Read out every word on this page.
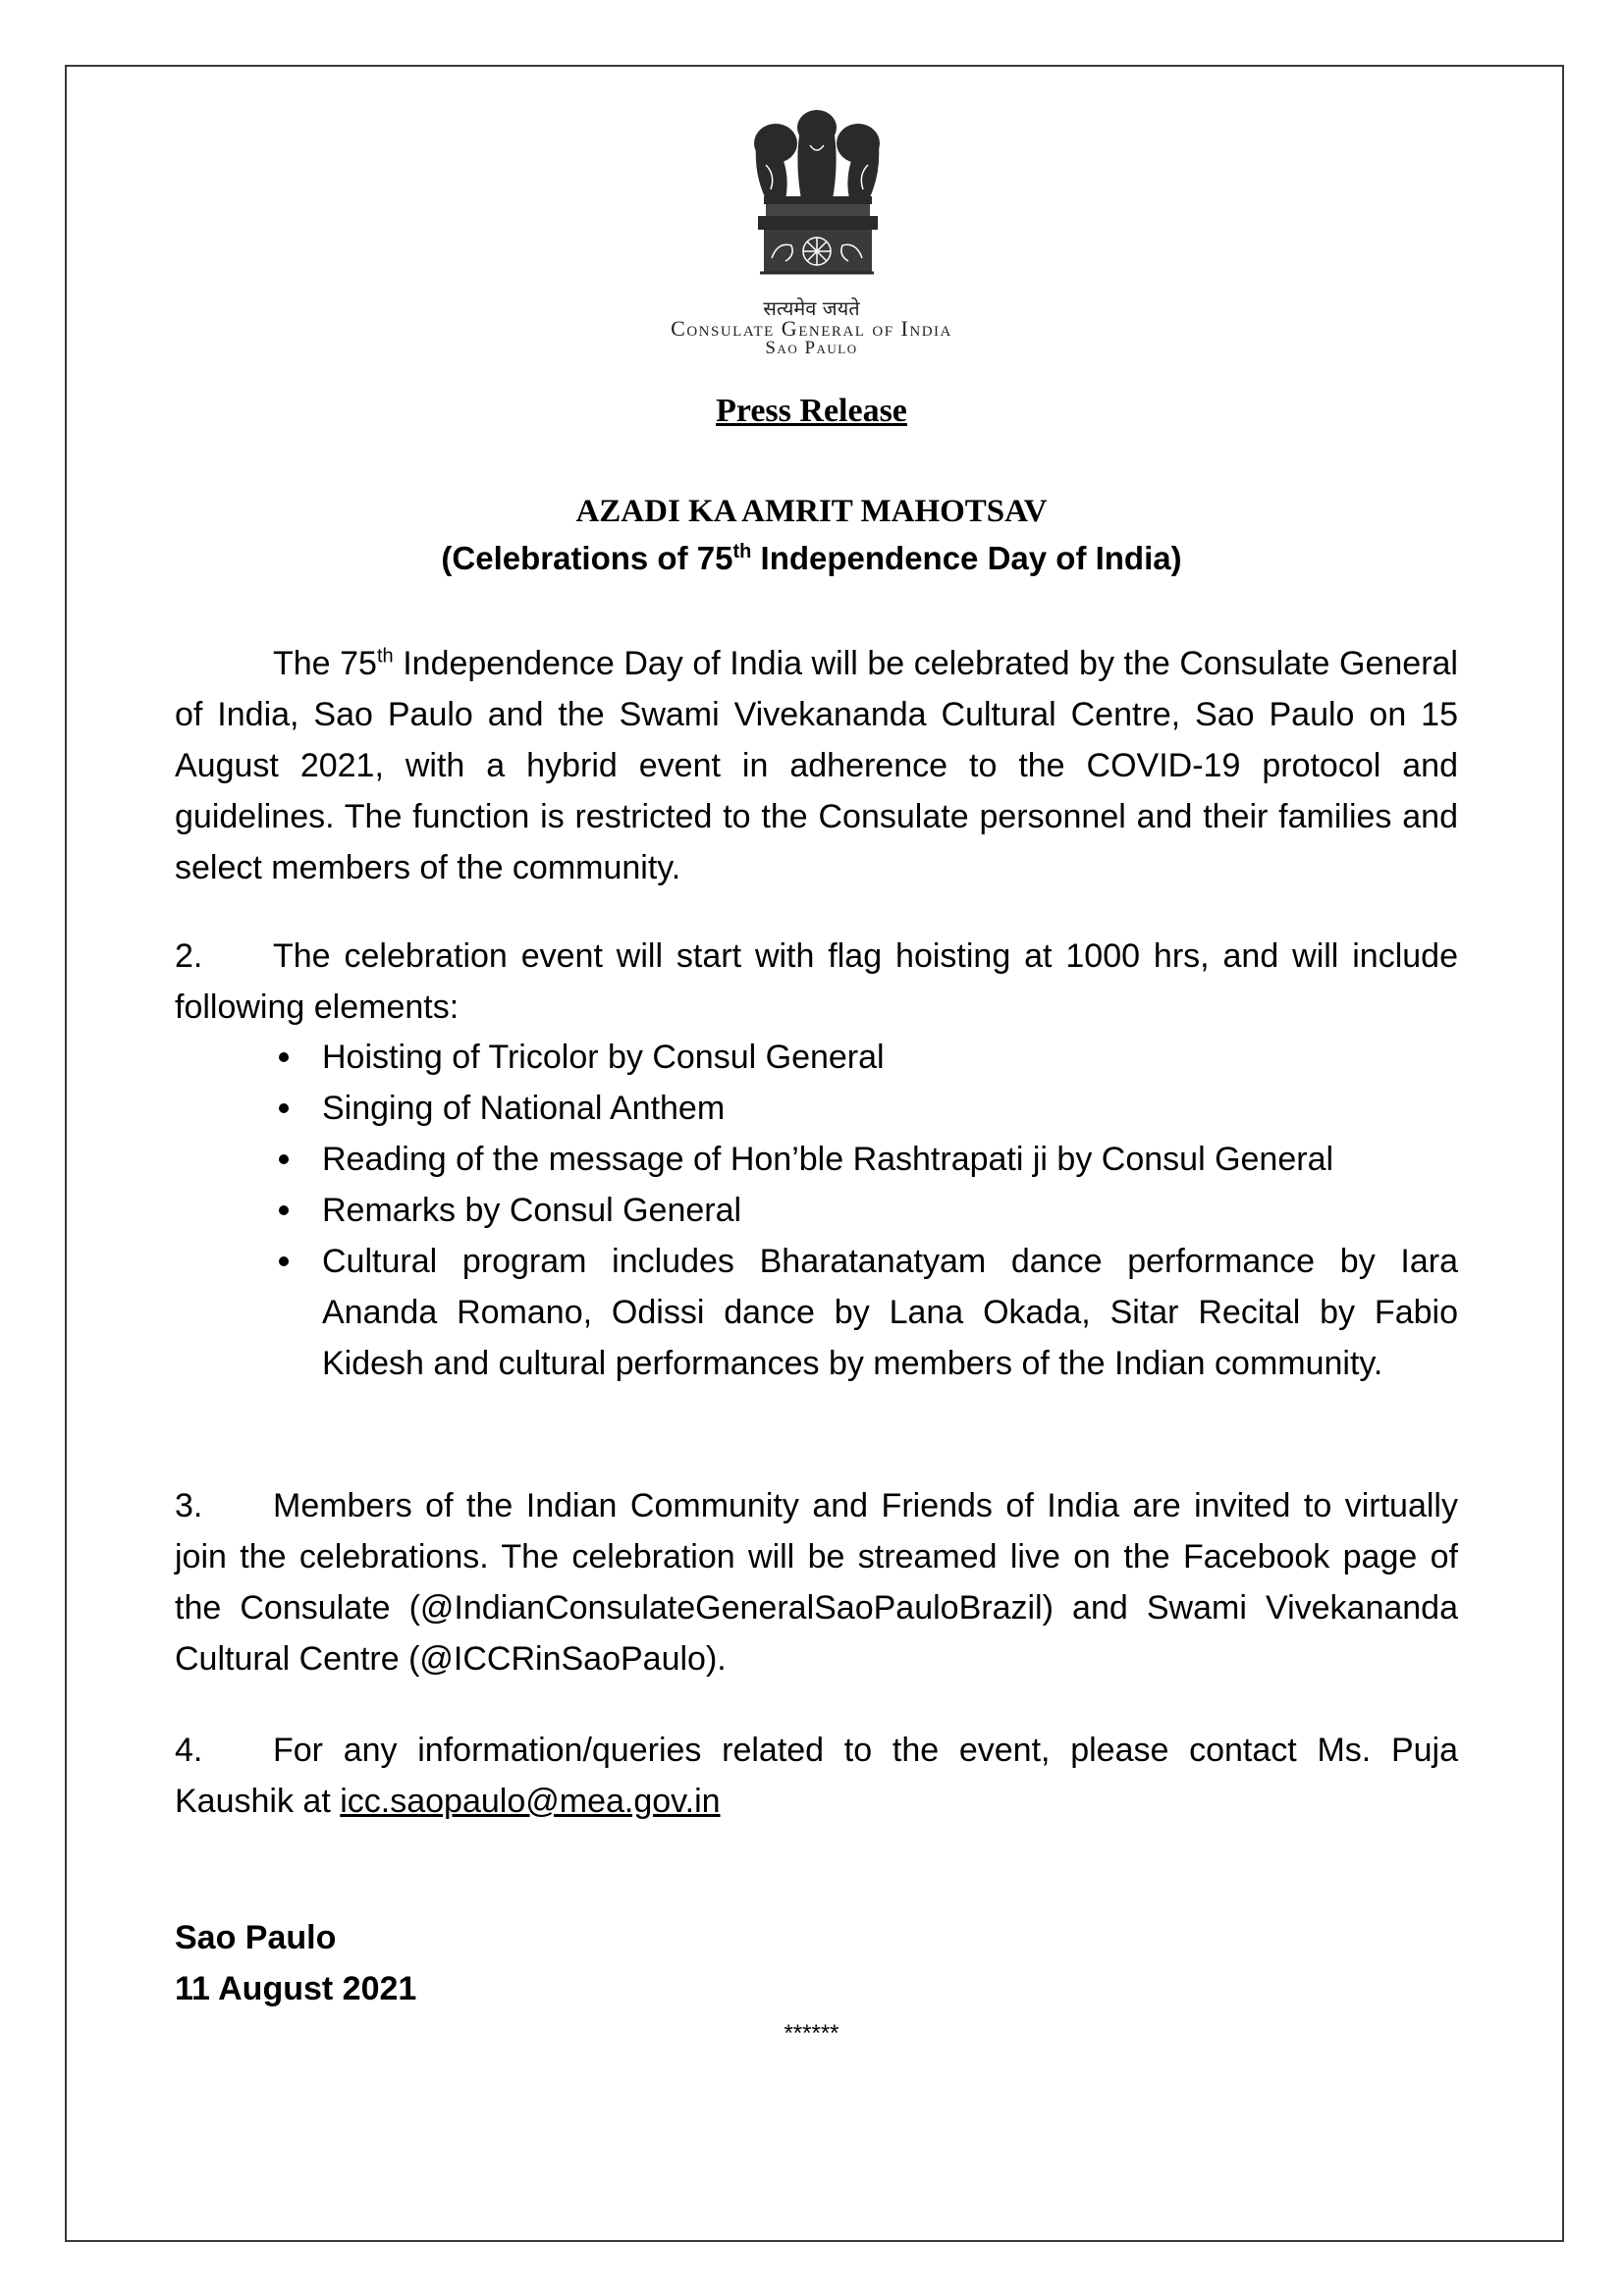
सत्यमेव जयते
Consulate General of India
Sao Paulo
Press Release
AZADI KA AMRIT MAHOTSAV
(Celebrations of 75th Independence Day of India)
The 75th Independence Day of India will be celebrated by the Consulate General of India, Sao Paulo and the Swami Vivekananda Cultural Centre, Sao Paulo on 15 August 2021, with a hybrid event in adherence to the COVID-19 protocol and guidelines. The function is restricted to the Consulate personnel and their families and select members of the community.
2. The celebration event will start with flag hoisting at 1000 hrs, and will include following elements:
Hoisting of Tricolor by Consul General
Singing of National Anthem
Reading of the message of Hon’ble Rashtrapati ji by Consul General
Remarks by Consul General
Cultural program includes Bharatanatyam dance performance by Iara Ananda Romano, Odissi dance by Lana Okada, Sitar Recital by Fabio Kidesh and cultural performances by members of the Indian community.
3. Members of the Indian Community and Friends of India are invited to virtually join the celebrations. The celebration will be streamed live on the Facebook page of the Consulate (@IndianConsulateGeneralSaoPauloBrazil) and Swami Vivekananda Cultural Centre (@ICCRinSaoPaulo).
4. For any information/queries related to the event, please contact Ms. Puja Kaushik at icc.saopaulo@mea.gov.in
Sao Paulo
11 August 2021
******
